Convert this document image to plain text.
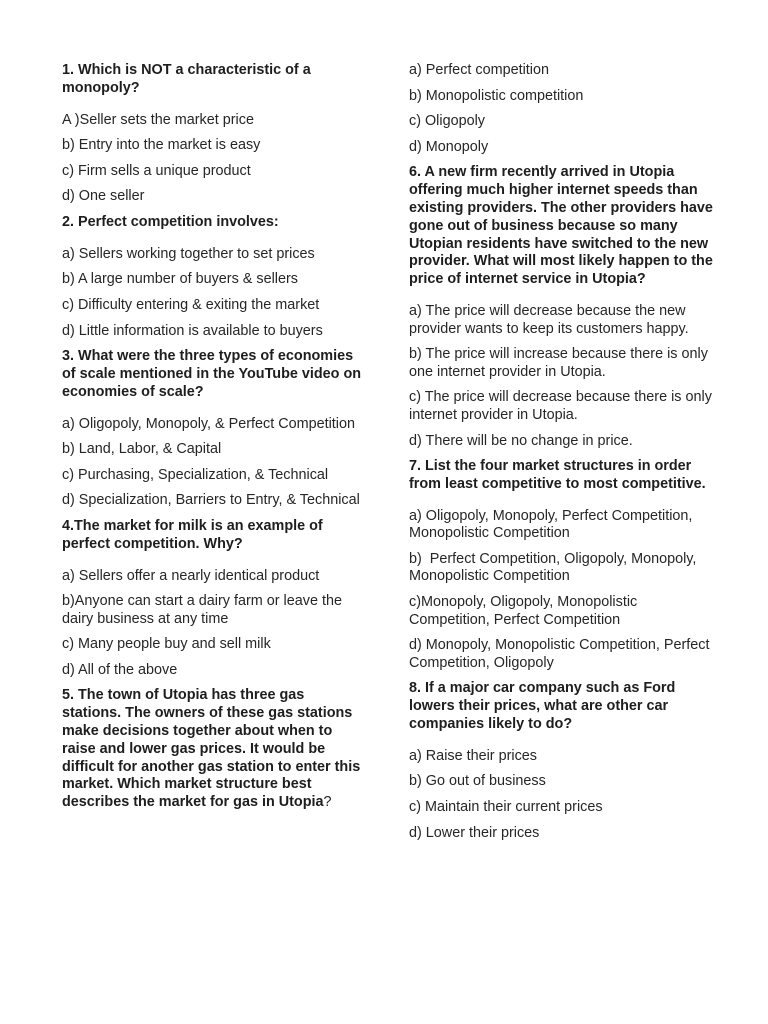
1. Which is NOT a characteristic of a monopoly?

A )Seller sets the market price

b) Entry into the market is easy

c) Firm sells a unique product

d) One seller

2. Perfect competition involves:

a) Sellers working together to set prices

b) A large number of buyers & sellers

c) Difficulty entering & exiting the market

d) Little information is available to buyers

3. What were the three types of economies of scale mentioned in the YouTube video on economies of scale?

a) Oligopoly, Monopoly, & Perfect Competition

b) Land, Labor, & Capital

c) Purchasing, Specialization, & Technical

d) Specialization, Barriers to Entry, & Technical

4.The market for milk is an example of perfect competition. Why?

a) Sellers offer a nearly identical product

b)Anyone can start a dairy farm or leave the dairy business at any time

c) Many people buy and sell milk

d) All of the above

5. The town of Utopia has three gas stations. The owners of these gas stations make decisions together about when to raise and lower gas prices. It would be difficult for another gas station to enter this market. Which market structure best describes the market for gas in Utopia?

a) Perfect competition

b) Monopolistic competition

c) Oligopoly

d) Monopoly

6. A new firm recently arrived in Utopia offering much higher internet speeds than existing providers. The other providers have gone out of business because so many Utopian residents have switched to the new provider. What will most likely happen to the price of internet service in Utopia?

a) The price will decrease because the new provider wants to keep its customers happy.

b) The price will increase because there is only one internet provider in Utopia.

c) The price will decrease because there is only internet provider in Utopia.

d) There will be no change in price.

7. List the four market structures in order from least competitive to most competitive.

a) Oligopoly, Monopoly, Perfect Competition, Monopolistic Competition

b)  Perfect Competition, Oligopoly, Monopoly, Monopolistic Competition

c)Monopoly, Oligopoly, Monopolistic Competition, Perfect Competition

d) Monopoly, Monopolistic Competition, Perfect Competition, Oligopoly

8. If a major car company such as Ford lowers their prices, what are other car companies likely to do?

a) Raise their prices

b) Go out of business

c) Maintain their current prices

d) Lower their prices
